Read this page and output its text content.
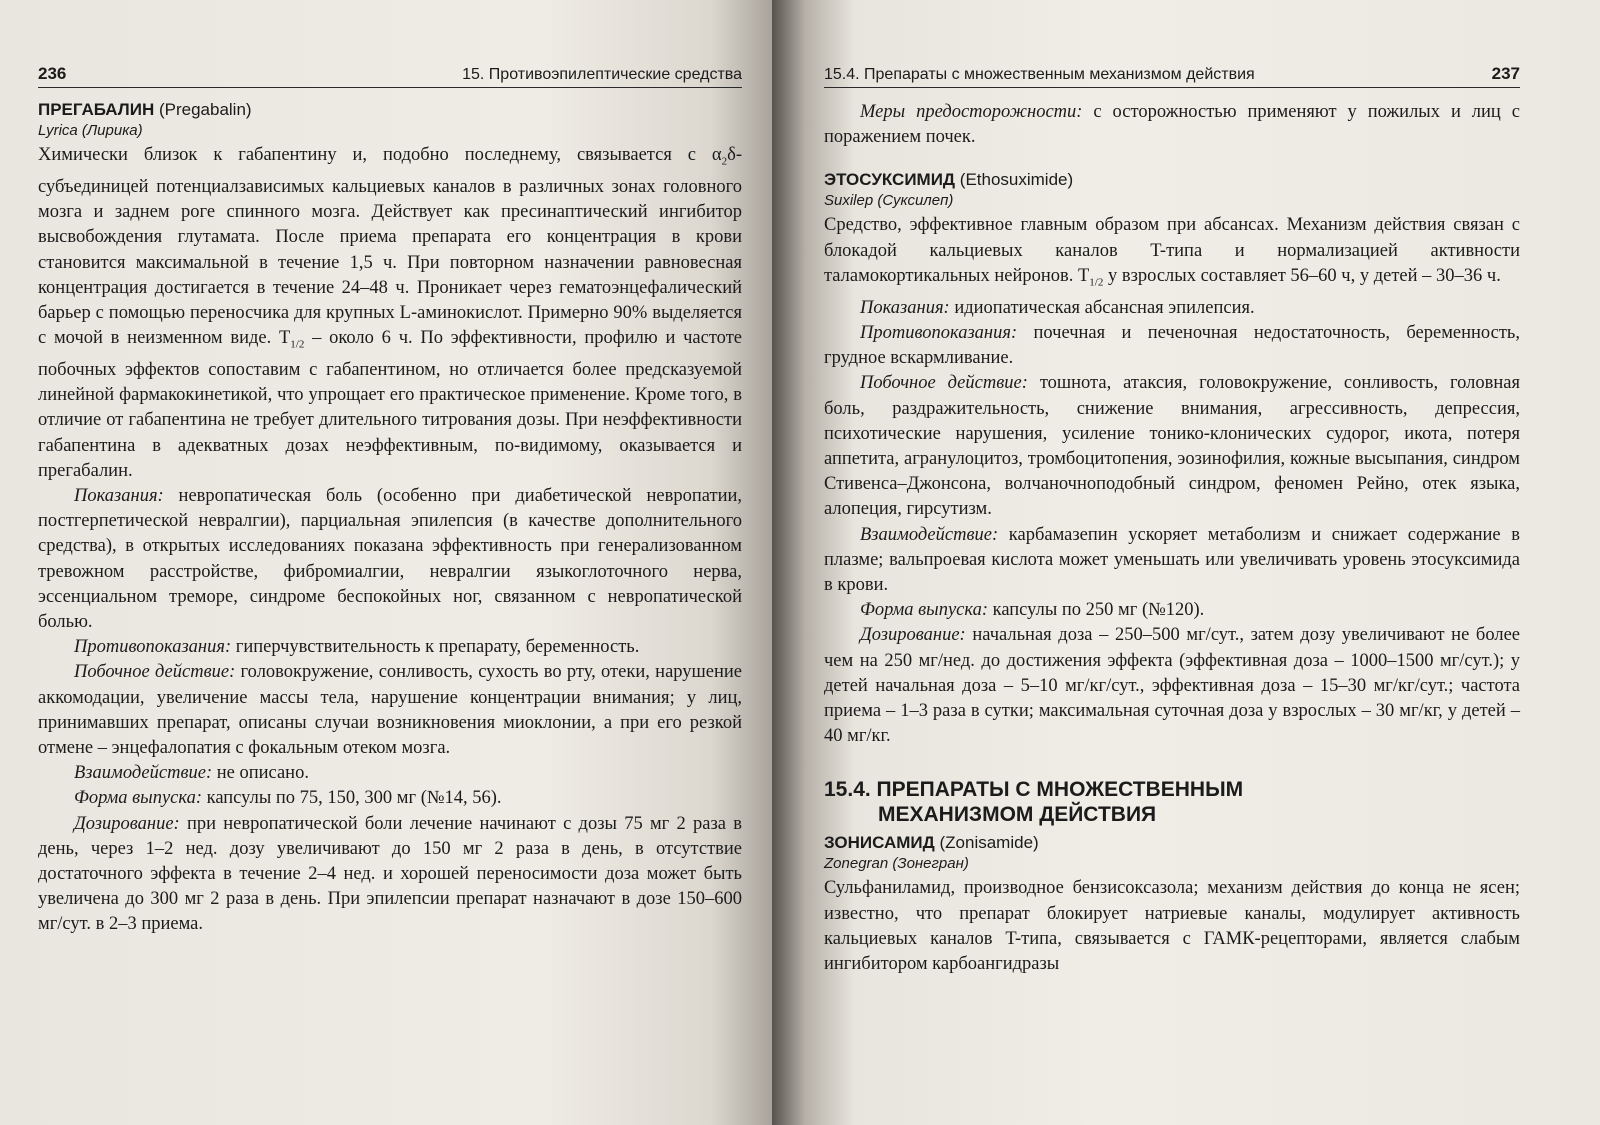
236	15. Противоэпилептические средства
ПРЕГАБАЛИН (Pregabalin)
Lyrica (Лирика)

Химически близок к габапентину и, подобно последнему, связывается с $\alpha_2\delta$-субъединицей потенциалзависимых кальциевых каналов в различных зонах головного мозга и заднем роге спинного мозга. Действует как пресинаптический ингибитор высвобождения глутамата. После приема препарата его концентрация в крови становится максимальной в течение 1,5 ч. При повторном назначении равновесная концентрация достигается в течение 24–48 ч. Проникает через гематоэнцефалический барьер с помощью переносчика для крупных L-аминокислот. Примерно 90% выделяется с мочой в неизменном виде. $T_{1/2}$ – около 6 ч. По эффективности, профилю и частоте побочных эффектов сопоставим с габапентином, но отличается более предсказуемой линейной фармакокинетикой, что упрощает его практическое применение. Кроме того, в отличие от габапентина не требует длительного титрования дозы. При неэффективности габапентина в адекватных дозах неэффективным, по-видимому, оказывается и прегабалин.

Показания: невропатическая боль (особенно при диабетической невропатии, постгерпетической невралгии), парциальная эпилепсия (в качестве дополнительного средства), в открытых исследованиях показана эффективность при генерализованном тревожном расстройстве, фибромиалгии, невралгии языкоглоточного нерва, эссенциальном треморе, синдроме беспокойных ног, связанном с невропатической болью.

Противопоказания: гиперчувствительность к препарату, беременность.

Побочное действие: головокружение, сонливость, сухость во рту, отеки, нарушение аккомодации, увеличение массы тела, нарушение концентрации внимания; у лиц, принимавших препарат, описаны случаи возникновения миоклонии, а при его резкой отмене – энцефалопатия с фокальным отеком мозга.

Взаимодействие: не описано.

Форма выпуска: капсулы по 75, 150, 300 мг (№14, 56).

Дозирование: при невропатической боли лечение начинают с дозы 75 мг 2 раза в день, через 1–2 нед. дозу увеличивают до 150 мг 2 раза в день, в отсутствие достаточного эффекта в течение 2–4 нед. и хорошей переносимости доза может быть увеличена до 300 мг 2 раза в день. При эпилепсии препарат назначают в дозе 150–600 мг/сут. в 2–3 приема.

15.4. Препараты с множественным механизмом действия	237

Меры предосторожности: с осторожностью применяют у пожилых и лиц с поражением почек.

ЭТОСУКСИМИД (Ethosuximide)
Suxilep (Суксилеп)

Средство, эффективное главным образом при абсансах. Механизм действия связан с блокадой кальциевых каналов T-типа и нормализацией активности таламокортикальных нейронов. $T_{1/2}$ у взрослых составляет 56–60 ч, у детей – 30–36 ч.

Показания: идиопатическая абсансная эпилепсия.

Противопоказания: почечная и печеночная недостаточность, беременность, грудное вскармливание.

Побочное действие: тошнота, атаксия, головокружение, сонливость, головная боль, раздражительность, снижение внимания, агрессивность, депрессия, психотические нарушения, усиление тонико-клонических судорог, икота, потеря аппетита, агранулоцитоз, тромбоцитопения, эозинофилия, кожные высыпания, синдром Стивенса–Джонсона, волчаночноподобный синдром, феномен Рейно, отек языка, алопеция, гирсутизм.

Взаимодействие: карбамазепин ускоряет метаболизм и снижает содержание в плазме; вальпроевая кислота может уменьшать или увеличивать уровень этосуксимида в крови.

Форма выпуска: капсулы по 250 мг (№120).

Дозирование: начальная доза – 250–500 мг/сут., затем дозу увеличивают не более чем на 250 мг/нед. до достижения эффекта (эффективная доза – 1000–1500 мг/сут.); у детей начальная доза – 5–10 мг/кг/сут., эффективная доза – 15–30 мг/кг/сут.; частота приема – 1–3 раза в сутки; максимальная суточная доза у взрослых – 30 мг/кг, у детей – 40 мг/кг.

15.4. ПРЕПАРАТЫ С МНОЖЕСТВЕННЫМ
МЕХАНИЗМОМ ДЕЙСТВИЯ
ЗОНИСАМИД (Zonisamide)
Zonegran (Зонегран)

Сульфаниламид, производное бензисоксазола; механизм действия до конца не ясен; известно, что препарат блокирует натриевые каналы, модулирует активность кальциевых каналов T-типа, связывается с ГАМК-рецепторами, является слабым ингибитором карбоангидразы
